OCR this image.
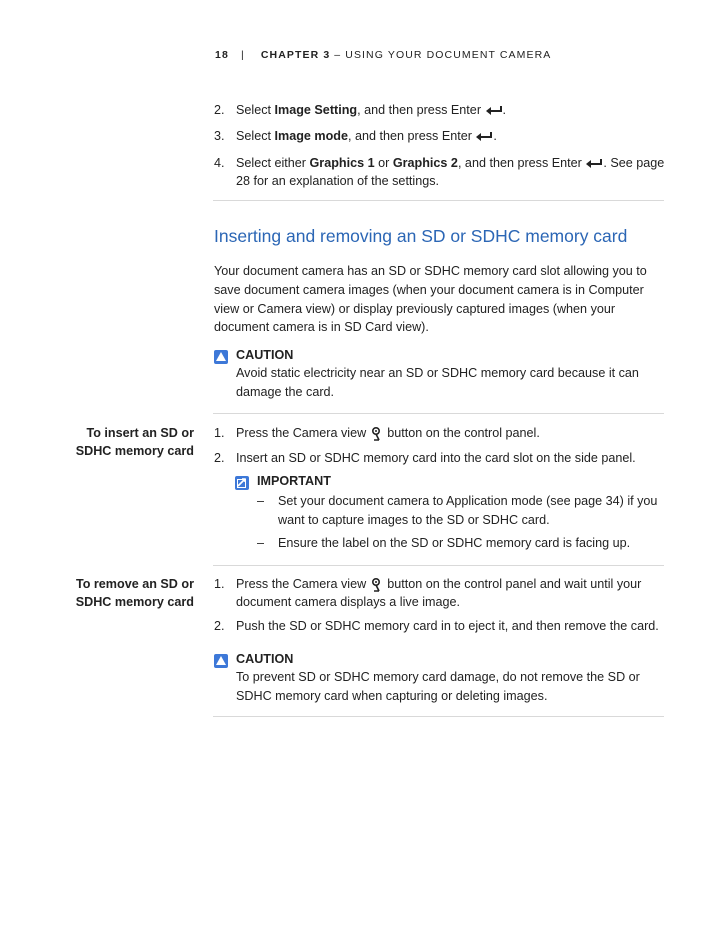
18 | CHAPTER 3 – USING YOUR DOCUMENT CAMERA
2. Select Image Setting, and then press Enter .
3. Select Image mode, and then press Enter .
4. Select either Graphics 1 or Graphics 2, and then press Enter . See page 28 for an explanation of the settings.
Inserting and removing an SD or SDHC memory card
Your document camera has an SD or SDHC memory card slot allowing you to save document camera images (when your document camera is in Computer view or Camera view) or display previously captured images (when your document camera is in SD Card view).
CAUTION
Avoid static electricity near an SD or SDHC memory card because it can damage the card.
To insert an SD or SDHC memory card
1. Press the Camera view button on the control panel.
2. Insert an SD or SDHC memory card into the card slot on the side panel.
IMPORTANT
– Set your document camera to Application mode (see page 34) if you want to capture images to the SD or SDHC card.
– Ensure the label on the SD or SDHC memory card is facing up.
To remove an SD or SDHC memory card
1. Press the Camera view button on the control panel and wait until your document camera displays a live image.
2. Push the SD or SDHC memory card in to eject it, and then remove the card.
CAUTION
To prevent SD or SDHC memory card damage, do not remove the SD or SDHC memory card when capturing or deleting images.
